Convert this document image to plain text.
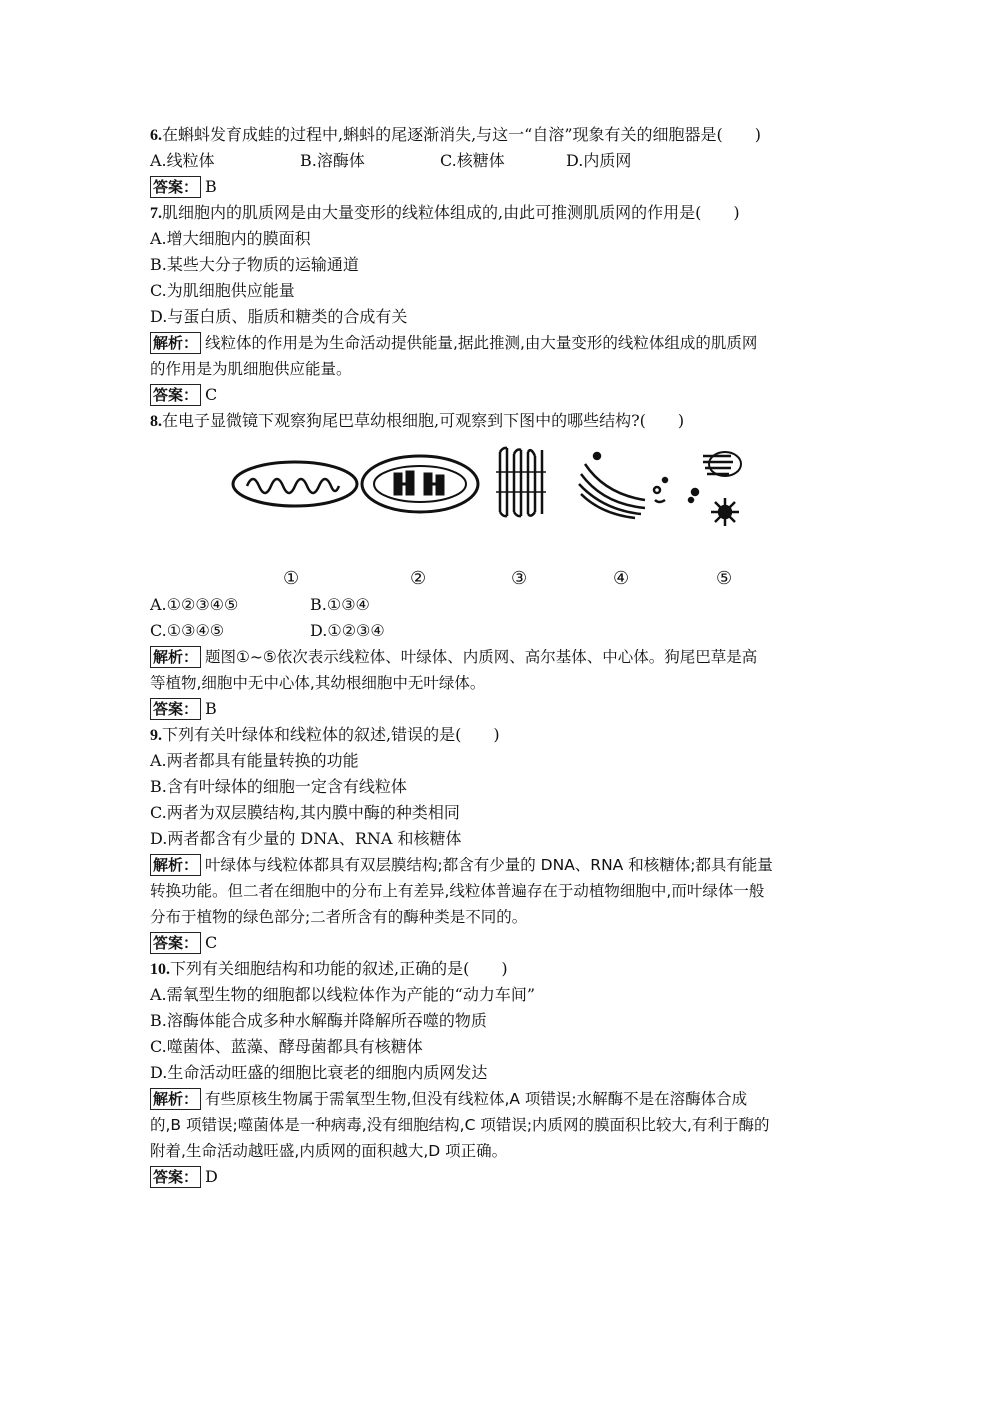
6.在蝌蚪发育成蛙的过程中,蝌蚪的尾逐渐消失,与这一“自溶”现象有关的细胞器是(　　)
A.线粒体	B.溶酶体	C.核糖体	D.内质网
答案： B
7.肌细胞内的肌质网是由大量变形的线粒体组成的,由此可推测肌质网的作用是(　　)
A.增大细胞内的膜面积
B.某些大分子物质的运输通道
C.为肌细胞供应能量
D.与蛋白质、脂质和糖类的合成有关
解析： 线粒体的作用是为生命活动提供能量,据此推测,由大量变形的线粒体组成的肌质网
的作用是为肌细胞供应能量。
答案： C
8.在电子显微镜下观察狗尾巴草幼根细胞,可观察到下图中的哪些结构?(　　)
①	②	③	④	⑤
A.①②③④⑤	B.①③④
C.①③④⑤	D.①②③④
解析： 题图①~⑤依次表示线粒体、叶绿体、内质网、高尔基体、中心体。狗尾巴草是高
等植物,细胞中无中心体,其幼根细胞中无叶绿体。
答案： B
9.下列有关叶绿体和线粒体的叙述,错误的是(　　)
A.两者都具有能量转换的功能
B.含有叶绿体的细胞一定含有线粒体
C.两者为双层膜结构,其内膜中酶的种类相同
D.两者都含有少量的 DNA、RNA 和核糖体
解析： 叶绿体与线粒体都具有双层膜结构;都含有少量的 DNA、RNA 和核糖体;都具有能量
转换功能。但二者在细胞中的分布上有差异,线粒体普遍存在于动植物细胞中,而叶绿体一般
分布于植物的绿色部分;二者所含有的酶种类是不同的。
答案： C
10.下列有关细胞结构和功能的叙述,正确的是(　　)
A.需氧型生物的细胞都以线粒体作为产能的“动力车间”
B.溶酶体能合成多种水解酶并降解所吞噬的物质
C.噬菌体、蓝藻、酵母菌都具有核糖体
D.生命活动旺盛的细胞比衰老的细胞内质网发达
解析： 有些原核生物属于需氧型生物,但没有线粒体,A 项错误;水解酶不是在溶酶体合成
的,B 项错误;噬菌体是一种病毒,没有细胞结构,C 项错误;内质网的膜面积比较大,有利于酶的
附着,生命活动越旺盛,内质网的面积越大,D 项正确。
答案： D
